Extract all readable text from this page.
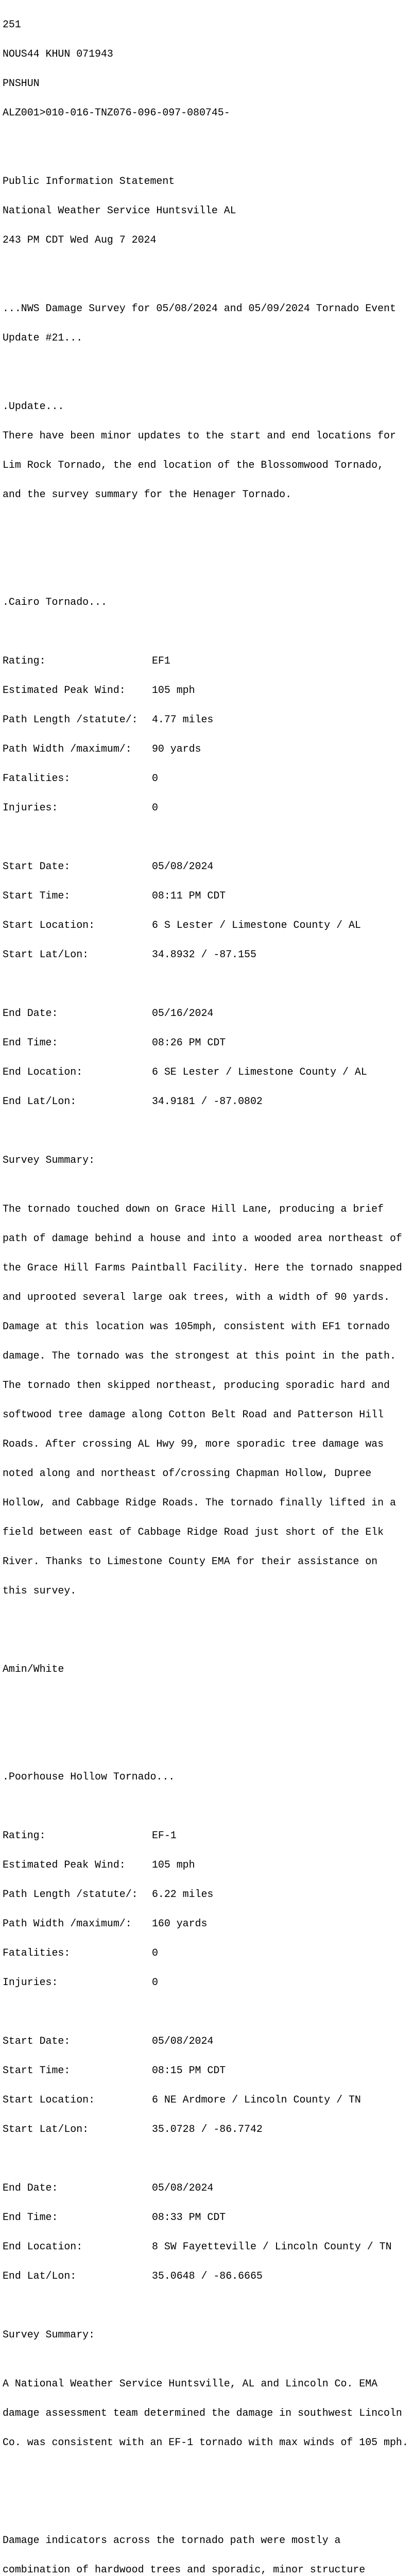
251

NOUS44 KHUN 071943

PNSHUN

ALZ001>010-016-TNZ076-096-097-080745-

Public Information Statement

National Weather Service Huntsville AL

243 PM CDT Wed Aug 7 2024

...NWS Damage Survey for 05/08/2024 and 05/09/2024 Tornado Event

Update #21...

.Update...

There have been minor updates to the start and end locations for

Lim Rock Tornado, the end location of the Blossomwood Tornado,

and the survey summary for the Henager Tornado.

.Cairo Tornado...

Rating:	EF1

Estimated Peak Wind:	105 mph

Path Length /statute/: 4.77 miles

Path Width /maximum/: 90 yards

Fatalities:	0

Injuries:	0

Start Date:	05/08/2024

Start Time:	08:11 PM CDT

Start Location:	6 S Lester / Limestone County / AL

Start Lat/Lon:	34.8932 / -87.155

End Date:	05/16/2024

End Time:	08:26 PM CDT

End Location:	6 SE Lester / Limestone County / AL

End Lat/Lon:	34.9181 / -87.0802

Survey Summary:

The tornado touched down on Grace Hill Lane, producing a brief

path of damage behind a house and into a wooded area northeast of

the Grace Hill Farms Paintball Facility. Here the tornado snapped

and uprooted several large oak trees, with a width of 90 yards.

Damage at this location was 105mph, consistent with EF1 tornado

damage. The tornado was the strongest at this point in the path.

The tornado then skipped northeast, producing sporadic hard and

softwood tree damage along Cotton Belt Road and Patterson Hill

Roads. After crossing AL Hwy 99, more sporadic tree damage was

noted along and northeast of/crossing Chapman Hollow, Dupree

Hollow, and Cabbage Ridge Roads. The tornado finally lifted in a

field between east of Cabbage Ridge Road just short of the Elk

River. Thanks to Limestone County EMA for their assistance on

this survey.

Amin/White

.Poorhouse Hollow Tornado...

Rating:	EF-1

Estimated Peak Wind:	105 mph

Path Length /statute/: 6.22 miles

Path Width /maximum/: 160 yards

Fatalities:	0

Injuries:	0

Start Date:	05/08/2024

Start Time:	08:15 PM CDT

Start Location:	6 NE Ardmore / Lincoln County / TN

Start Lat/Lon:	35.0728 / -86.7742

End Date:	05/08/2024

End Time:	08:33 PM CDT

End Location:	8 SW Fayetteville / Lincoln County / TN

End Lat/Lon:	35.0648 / -86.6665

Survey Summary:

A National Weather Service Huntsville, AL and Lincoln Co. EMA

damage assessment team determined the damage in southwest Lincoln

Co. was consistent with an EF-1 tornado with max winds of 105 mph.

Damage indicators across the tornado path were mostly a

combination of hardwood trees and sporadic, minor structure
